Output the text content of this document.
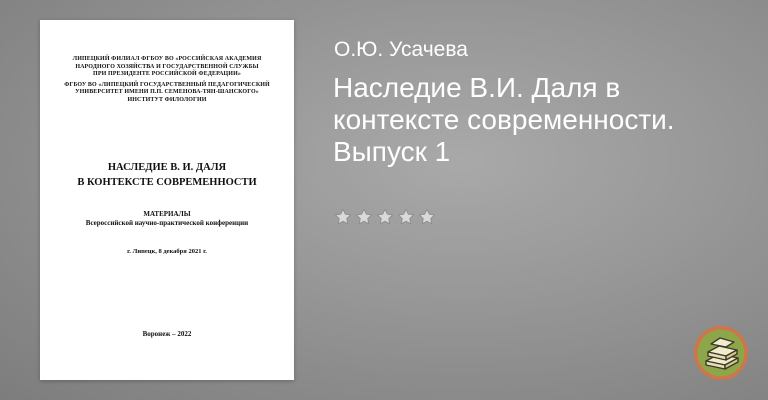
ЛИПЕЦКИЙ ФИЛИАЛ ФГБОУ ВО «РОССИЙСКАЯ АКАДЕМИЯ
НАРОДНОГО ХОЗЯЙСТВА И ГОСУДАРСТВЕННОЙ СЛУЖБЫ
ПРИ ПРЕЗИДЕНТЕ РОССИЙСКОЙ ФЕДЕРАЦИИ»
ФГБОУ ВО «ЛИПЕЦКИЙ ГОСУДАРСТВЕННЫЙ ПЕДАГОГИЧЕСКИЙ
УНИВЕРСИТЕТ ИМЕНИ П.П. СЕМЕНОВА-ТЯН-ШАНСКОГО»
ИНСТИТУТ ФИЛОЛОГИИ
НАСЛЕДИЕ В. И. ДАЛЯ
В КОНТЕКСТЕ СОВРЕМЕННОСТИ
МАТЕРИАЛЫ
Всероссийской научно-практической конференции
г. Липецк, 8 декабря 2021 г.
Воронеж – 2022
О.Ю. Усачева
Наследие В.И. Даля в контексте современности. Выпуск 1
